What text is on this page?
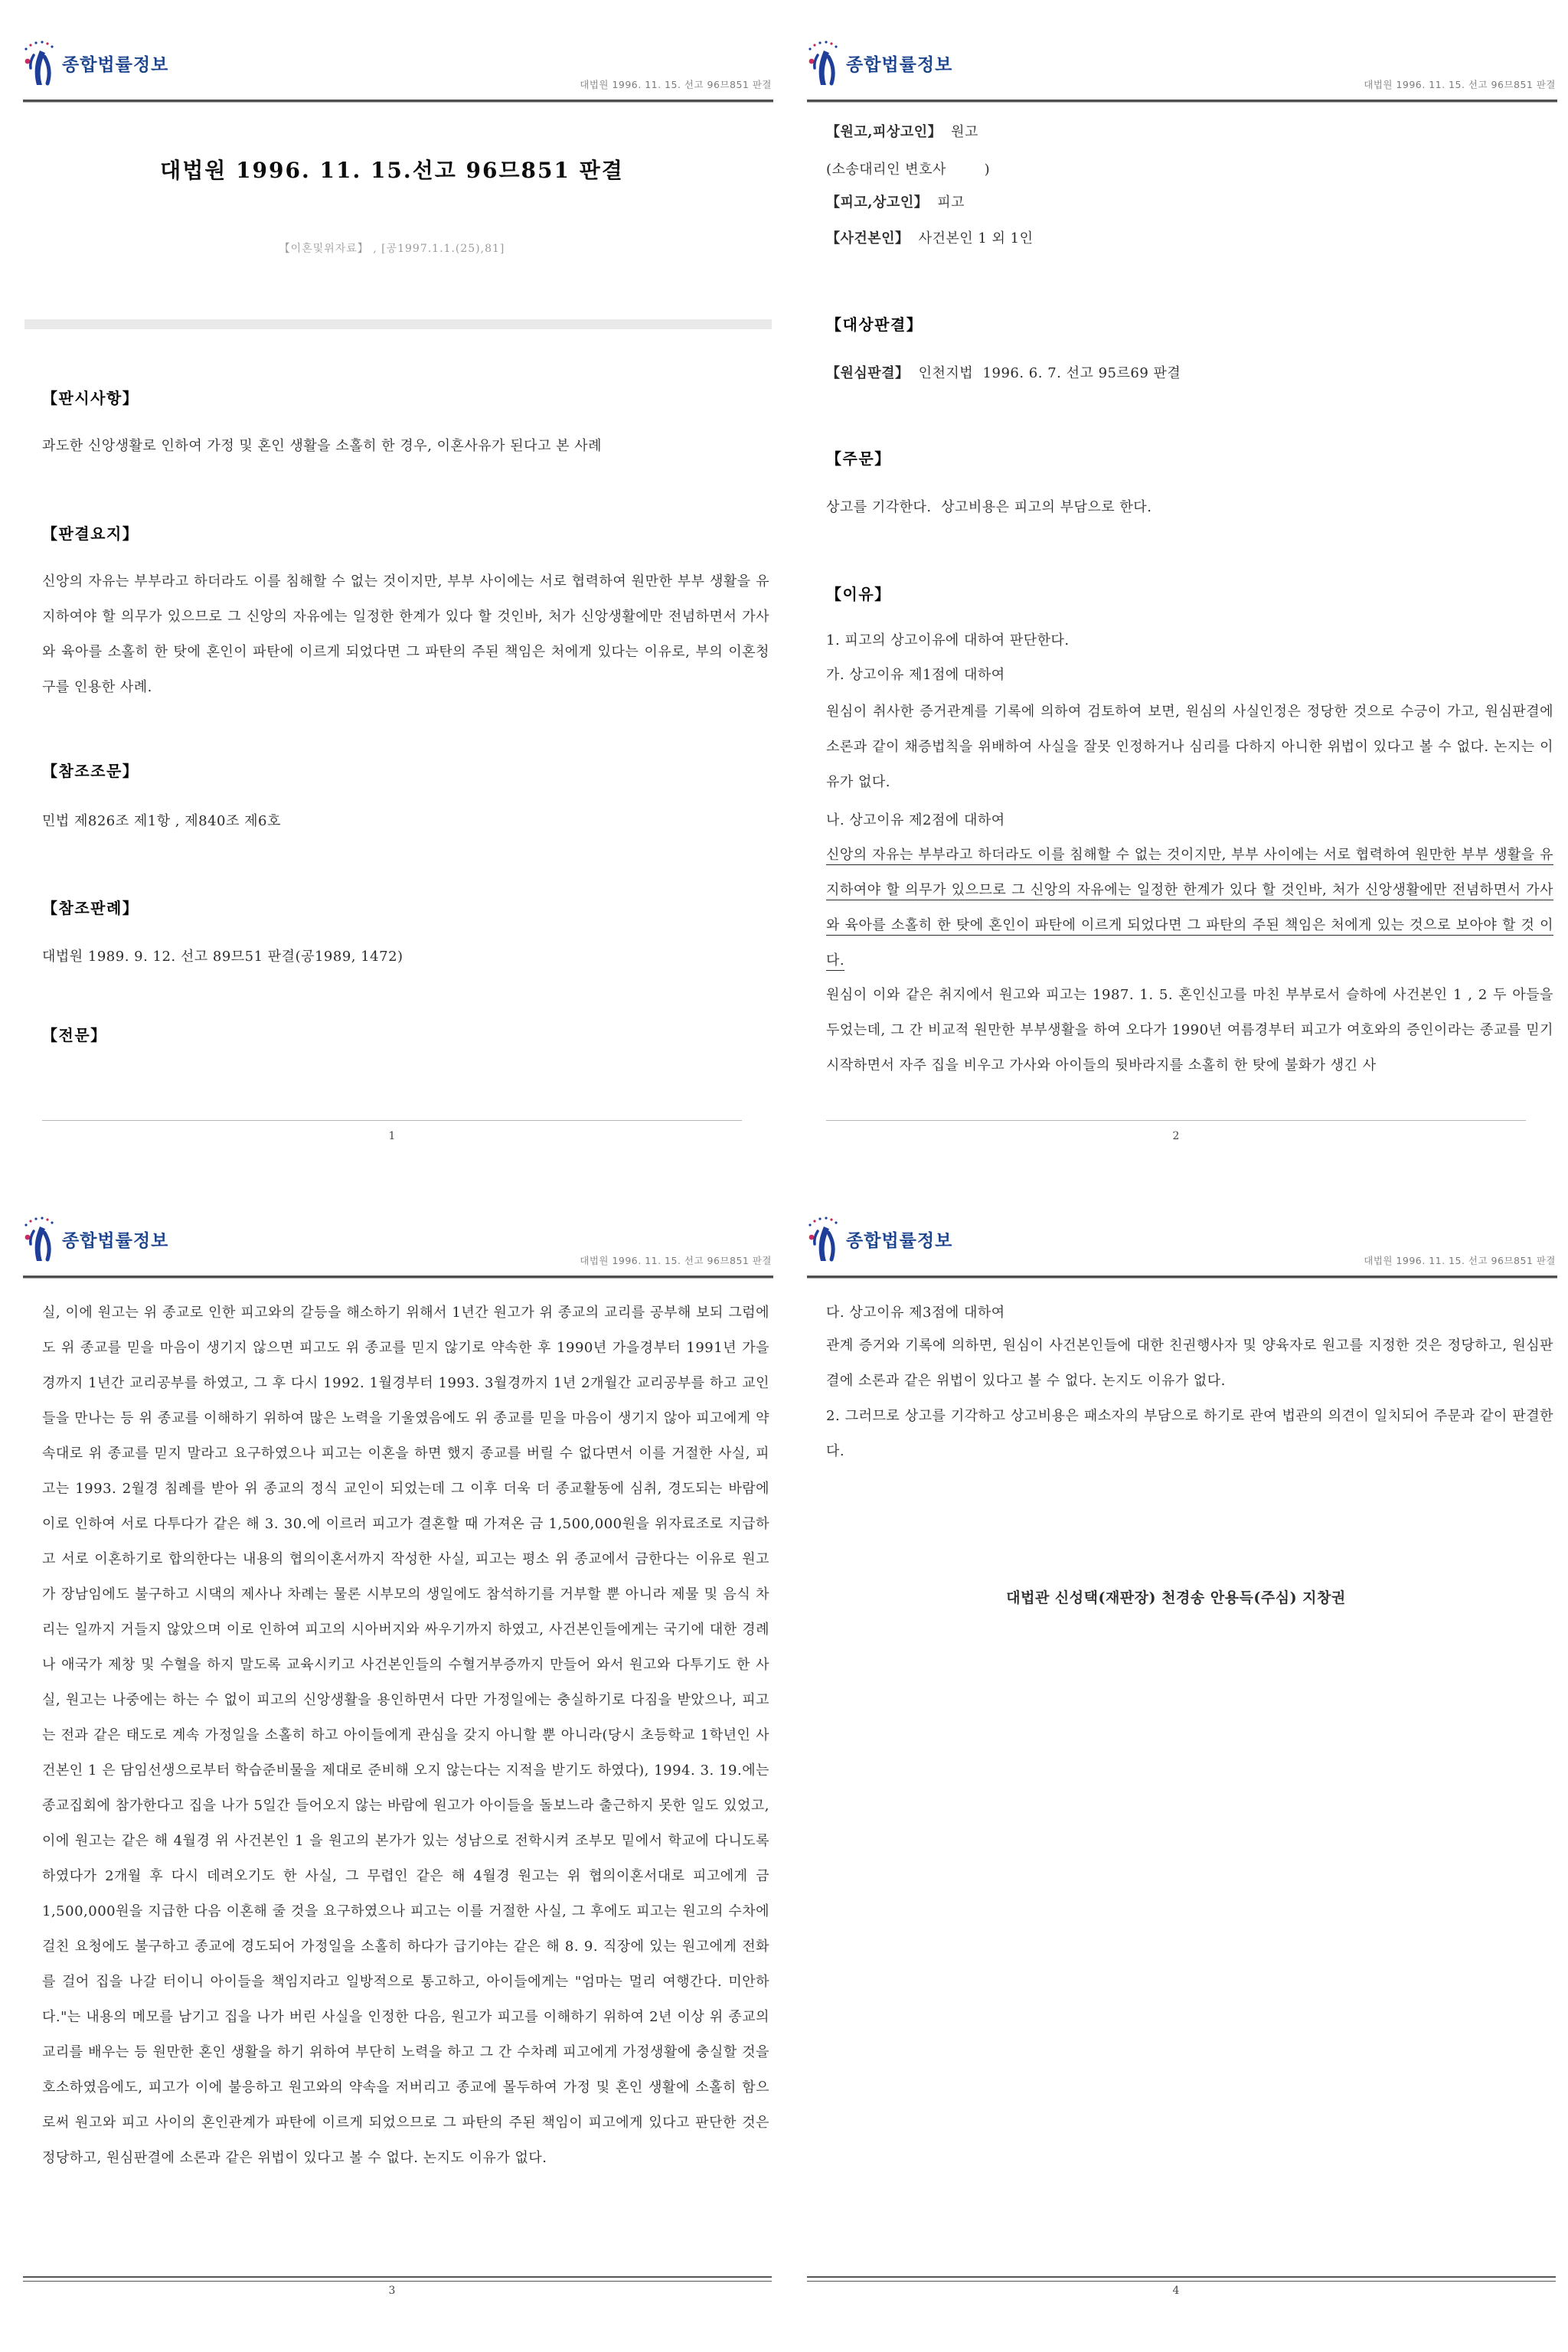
종합법률정보
대법원 1996. 11. 15. 선고 96므851 판결
대법원 1996. 11. 15.선고 96므851 판결
【이혼및위자료】 , [공1997.1.1.(25),81]
【판시사항】
과도한 신앙생활로 인하여 가정 및 혼인 생활을 소홀히 한 경우, 이혼사유가 된다고 본 사례
【판결요지】
신앙의 자유는 부부라고 하더라도 이를 침해할 수 없는 것이지만, 부부 사이에는 서로 협력하여 원만한 부부 생활을 유지하여야 할 의무가 있으므로 그 신앙의 자유에는 일정한 한계가 있다 할 것인바, 처가 신앙생활에만 전념하면서 가사와 육아를 소홀히 한 탓에 혼인이 파탄에 이르게 되었다면 그 파탄의 주된 책임은 처에게 있다는 이유로, 부의 이혼청구를 인용한 사례.
【참조조문】
민법 제826조 제1항 , 제840조 제6호
【참조판례】
대법원 1989. 9. 12. 선고 89므51 판결(공1989, 1472)
【전문】
1
종합법률정보
대법원 1996. 11. 15. 선고 96므851 판결
【원고,피상고인】 원고
(소송대리인 변호사        )
【피고,상고인】 피고
【사건본인】 사건본인 1 외 1인
【대상판결】
【원심판결】 인천지법  1996. 6. 7. 선고 95르69 판결
【주문】
상고를 기각한다.  상고비용은 피고의 부담으로 한다.
【이유】
1. 피고의 상고이유에 대하여 판단한다.
가. 상고이유 제1점에 대하여
원심이 취사한 증거관계를 기록에 의하여 검토하여 보면, 원심의 사실인정은 정당한 것으로 수긍이 가고, 원심판결에 소론과 같이 채증법칙을 위배하여 사실을 잘못 인정하거나 심리를 다하지 아니한 위법이 있다고 볼 수 없다. 논지는 이유가 없다.
나. 상고이유 제2점에 대하여
신앙의 자유는 부부라고 하더라도 이를 침해할 수 없는 것이지만, 부부 사이에는 서로 협력하여 원만한 부부 생활을 유지하여야 할 의무가 있으므로 그 신앙의 자유에는 일정한 한계가 있다 할 것인바, 처가 신앙생활에만 전념하면서 가사와 육아를 소홀히 한 탓에 혼인이 파탄에 이르게 되었다면 그 파탄의 주된 책임은 처에게 있는 것으로 보아야 할 것 이다.
원심이 이와 같은 취지에서 원고와 피고는 1987. 1. 5. 혼인신고를 마친 부부로서 슬하에 사건본인 1 , 2 두 아들을 두었는데, 그 간 비교적 원만한 부부생활을 하여 오다가 1990년 여름경부터 피고가 여호와의 증인이라는 종교를 믿기 시작하면서 자주 집을 비우고 가사와 아이들의 뒷바라지를 소홀히 한 탓에 불화가 생긴 사
2
종합법률정보
대법원 1996. 11. 15. 선고 96므851 판결
실, 이에 원고는 위 종교로 인한 피고와의 갈등을 해소하기 위해서 1년간 원고가 위 종교의 교리를 공부해 보되 그럼에도 위 종교를 믿을 마음이 생기지 않으면 피고도 위 종교를 믿지 않기로 약속한 후 1990년 가을경부터 1991년 가을경까지 1년간 교리공부를 하였고, 그 후 다시 1992. 1월경부터 1993. 3월경까지 1년 2개월간 교리공부를 하고 교인들을 만나는 등 위 종교를 이해하기 위하여 많은 노력을 기울였음에도 위 종교를 믿을 마음이 생기지 않아 피고에게 약속대로 위 종교를 믿지 말라고 요구하였으나 피고는 이혼을 하면 했지 종교를 버릴 수 없다면서 이를 거절한 사실, 피고는 1993. 2월경 침례를 받아 위 종교의 정식 교인이 되었는데 그 이후 더욱 더 종교활동에 심취, 경도되는 바람에 이로 인하여 서로 다투다가 같은 해 3. 30.에 이르러 피고가 결혼할 때 가져온 금 1,500,000원을 위자료조로 지급하고 서로 이혼하기로 합의한다는 내용의 협의이혼서까지 작성한 사실, 피고는 평소 위 종교에서 금한다는 이유로 원고가 장남임에도 불구하고 시댁의 제사나 차례는 물론 시부모의 생일에도 참석하기를 거부할 뿐 아니라 제물 및 음식 차리는 일까지 거들지 않았으며 이로 인하여 피고의 시아버지와 싸우기까지 하였고, 사건본인들에게는 국기에 대한 경례나 애국가 제창 및 수혈을 하지 말도록 교육시키고 사건본인들의 수혈거부증까지 만들어 와서 원고와 다투기도 한 사실, 원고는 나중에는 하는 수 없이 피고의 신앙생활을 용인하면서 다만 가정일에는 충실하기로 다짐을 받았으나, 피고는 전과 같은 태도로 계속 가정일을 소홀히 하고 아이들에게 관심을 갖지 아니할 뿐 아니라(당시 초등학교 1학년인 사건본인 1 은 담임선생으로부터 학습준비물을 제대로 준비해 오지 않는다는 지적을 받기도 하였다), 1994. 3. 19.에는 종교집회에 참가한다고 집을 나가 5일간 들어오지 않는 바람에 원고가 아이들을 돌보느라 출근하지 못한 일도 있었고, 이에 원고는 같은 해 4월경 위 사건본인 1 을 원고의 본가가 있는 성남으로 전학시켜 조부모 밑에서 학교에 다니도록 하였다가 2개월 후 다시 데려오기도 한 사실, 그 무렵인 같은 해 4월경 원고는 위 협의이혼서대로 피고에게 금 1,500,000원을 지급한 다음 이혼해 줄 것을 요구하였으나 피고는 이를 거절한 사실, 그 후에도 피고는 원고의 수차에 걸친 요청에도 불구하고 종교에 경도되어 가정일을 소홀히 하다가 급기야는 같은 해 8. 9. 직장에 있는 원고에게 전화를 걸어 집을 나갈 터이니 아이들을 책임지라고 일방적으로 통고하고, 아이들에게는 "엄마는 멀리 여행간다. 미안하다."는 내용의 메모를 남기고 집을 나가 버린 사실을 인정한 다음, 원고가 피고를 이해하기 위하여 2년 이상 위 종교의 교리를 배우는 등 원만한 혼인 생활을 하기 위하여 부단히 노력을 하고 그 간 수차례 피고에게 가정생활에 충실할 것을 호소하였음에도, 피고가 이에 불응하고 원고와의 약속을 저버리고 종교에 몰두하여 가정 및 혼인 생활에 소홀히 함으로써 원고와 피고 사이의 혼인관계가 파탄에 이르게 되었으므로 그 파탄의 주된 책임이 피고에게 있다고 판단한 것은 정당하고, 원심판결에 소론과 같은 위법이 있다고 볼 수 없다. 논지도 이유가 없다.
3
종합법률정보
대법원 1996. 11. 15. 선고 96므851 판결
다. 상고이유 제3점에 대하여
관계 증거와 기록에 의하면, 원심이 사건본인들에 대한 친권행사자 및 양육자로 원고를 지정한 것은 정당하고, 원심판결에 소론과 같은 위법이 있다고 볼 수 없다. 논지도 이유가 없다.
2. 그러므로 상고를 기각하고 상고비용은 패소자의 부담으로 하기로 관여 법관의 의견이 일치되어 주문과 같이 판결한다.
대법관 신성택(재판장) 천경송 안용득(주심) 지창권
4
